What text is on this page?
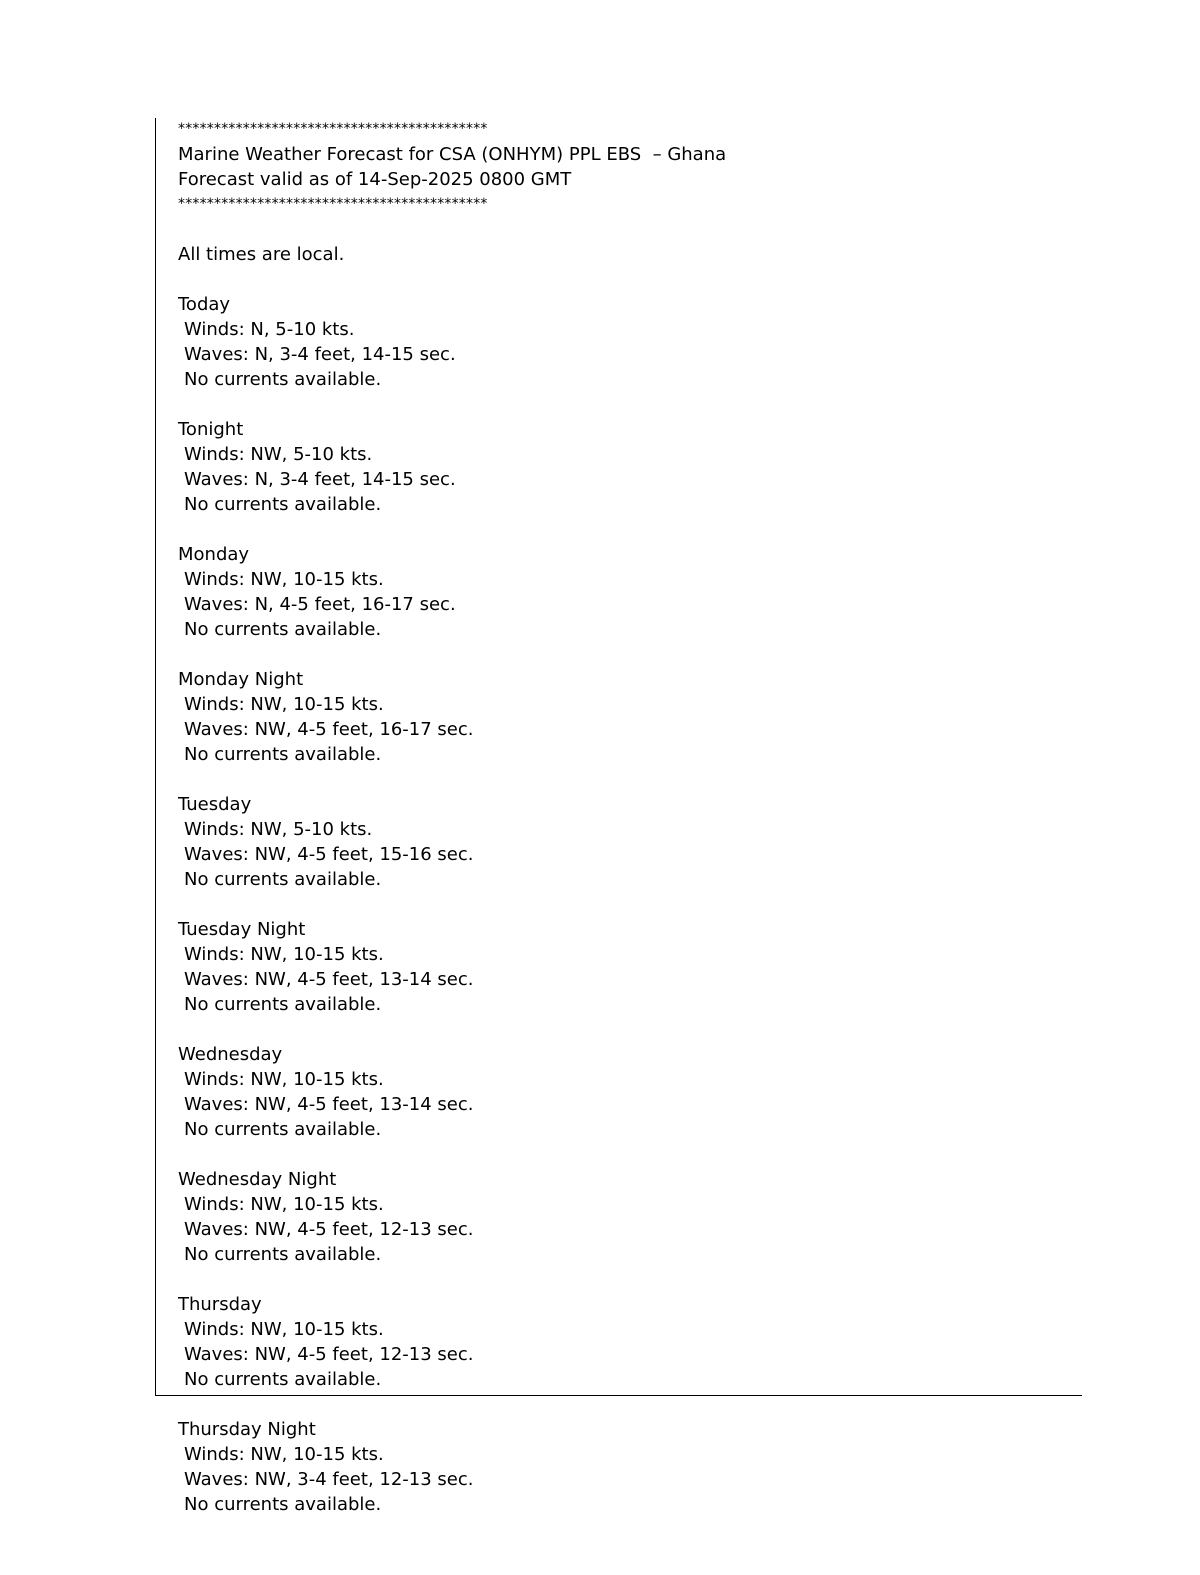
*******************************************
Marine Weather Forecast for CSA (ONHYM) PPL EBS  – Ghana
Forecast valid as of 14-Sep-2025 0800 GMT
*******************************************
All times are local.
Today
Winds: N, 5-10 kts.
Waves: N, 3-4 feet, 14-15 sec.
No currents available.
Tonight
Winds: NW, 5-10 kts.
Waves: N, 3-4 feet, 14-15 sec.
No currents available.
Monday
Winds: NW, 10-15 kts.
Waves: N, 4-5 feet, 16-17 sec.
No currents available.
Monday Night
Winds: NW, 10-15 kts.
Waves: NW, 4-5 feet, 16-17 sec.
No currents available.
Tuesday
Winds: NW, 5-10 kts.
Waves: NW, 4-5 feet, 15-16 sec.
No currents available.
Tuesday Night
Winds: NW, 10-15 kts.
Waves: NW, 4-5 feet, 13-14 sec.
No currents available.
Wednesday
Winds: NW, 10-15 kts.
Waves: NW, 4-5 feet, 13-14 sec.
No currents available.
Wednesday Night
Winds: NW, 10-15 kts.
Waves: NW, 4-5 feet, 12-13 sec.
No currents available.
Thursday
Winds: NW, 10-15 kts.
Waves: NW, 4-5 feet, 12-13 sec.
No currents available.
Thursday Night
Winds: NW, 10-15 kts.
Waves: NW, 3-4 feet, 12-13 sec.
No currents available.
